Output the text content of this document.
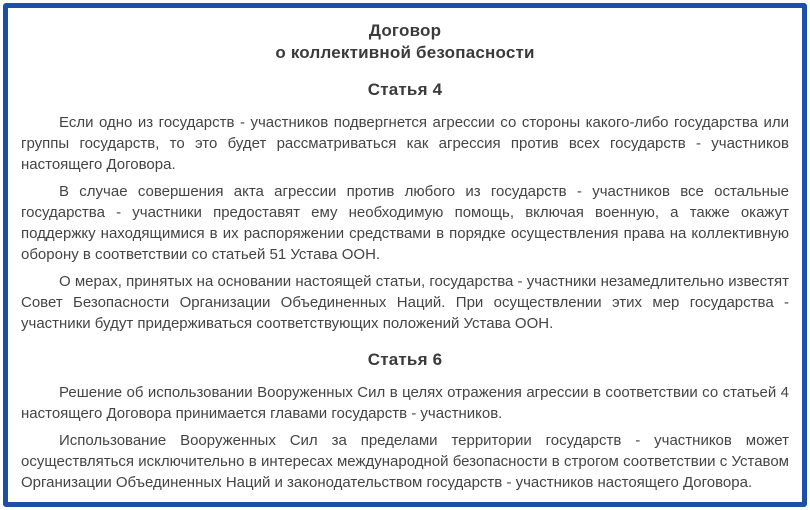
Договор
о коллективной безопасности
Статья 4

Если одно из государств - участников подвергнется агрессии со стороны какого-либо государства или группы государств, то это будет рассматриваться как агрессия против всех государств - участников настоящего Договора.

В случае совершения акта агрессии против любого из государств - участников все остальные государства - участники предоставят ему необходимую помощь, включая военную, а также окажут поддержку находящимися в их распоряжении средствами в порядке осуществления права на коллективную оборону в соответствии со статьей 51 Устава ООН.

О мерах, принятых на основании настоящей статьи, государства - участники незамедлительно известят Совет Безопасности Организации Объединенных Наций. При осуществлении этих мер государства - участники будут придерживаться соответствующих положений Устава ООН.

Статья 6

Решение об использовании Вооруженных Сил в целях отражения агрессии в соответствии со статьей 4 настоящего Договора принимается главами государств - участников.

Использование Вооруженных Сил за пределами территории государств - участников может осуществляться исключительно в интересах международной безопасности в строгом соответствии с Уставом Организации Объединенных Наций и законодательством государств - участников настоящего Договора.
